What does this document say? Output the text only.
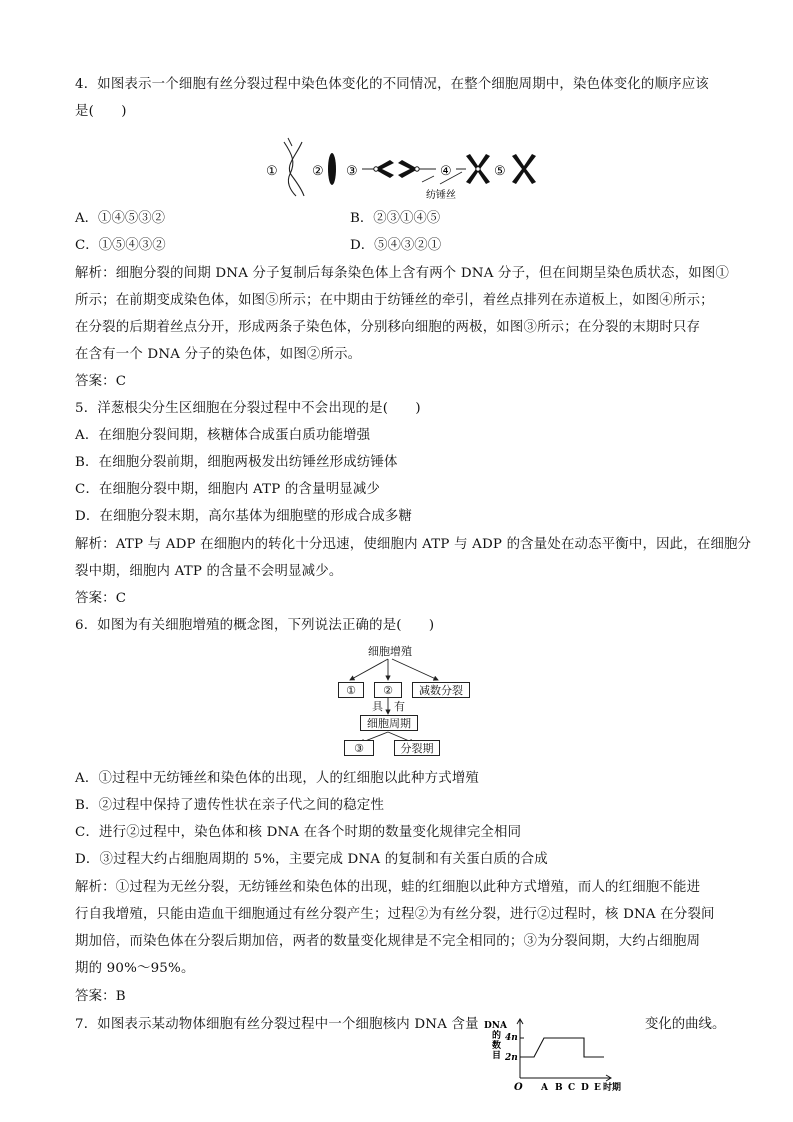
4．如图表示一个细胞有丝分裂过程中染色体变化的不同情况，在整个细胞周期中，染色体变化的顺序应该
是(　　)
①	② ③	④
纺锤丝
⑤
A．①④⑤③②	B．②③①④⑤
C．①⑤④③②	D．⑤④③②①
解析：细胞分裂的间期 DNA 分子复制后每条染色体上含有两个 DNA 分子，但在间期呈染色质状态，如图①
所示；在前期变成染色体，如图⑤所示；在中期由于纺锤丝的牵引，着丝点排列在赤道板上，如图④所示；
在分裂的后期着丝点分开，形成两条子染色体，分别移向细胞的两极，如图③所示；在分裂的末期时只存
在含有一个 DNA 分子的染色体，如图②所示。
答案：C
5．洋葱根尖分生区细胞在分裂过程中不会出现的是(　　)
A．在细胞分裂间期，核糖体合成蛋白质功能增强
B．在细胞分裂前期，细胞两极发出纺锤丝形成纺锤体
C．在细胞分裂中期，细胞内 ATP 的含量明显减少
D．在细胞分裂末期，高尔基体为细胞壁的形成合成多糖
解析：ATP 与 ADP 在细胞内的转化十分迅速，使细胞内 ATP 与 ADP 的含量处在动态平衡中，因此，在细胞分
裂中期，细胞内 ATP 的含量不会明显减少。
答案：C
6．如图为有关细胞增殖的概念图，下列说法正确的是(　　)
细胞增殖
①	②	减数分裂
具 有
细胞周期
③	分裂期
A．①过程中无纺锤丝和染色体的出现，人的红细胞以此种方式增殖
B．②过程中保持了遗传性状在亲子代之间的稳定性
C．进行②过程中，染色体和核 DNA 在各个时期的数量变化规律完全相同
D．③过程大约占细胞周期的 5%，主要完成 DNA 的复制和有关蛋白质的合成
解析：①过程为无丝分裂，无纺锤丝和染色体的出现，蛙的红细胞以此种方式增殖，而人的红细胞不能进
行自我增殖，只能由造血干细胞通过有丝分裂产生；过程②为有丝分裂，进行②过程时，核 DNA 在分裂间
期加倍，而染色体在分裂后期加倍，两者的数量变化规律是不完全相同的；③为分裂间期，大约占细胞周
期的 90%～95%。
答案：B
7．如图表示某动物体细胞有丝分裂过程中一个细胞核内 DNA 含量	变化的曲线。
DNA
的
数
目
4n
2n
O A B C D E 时期
